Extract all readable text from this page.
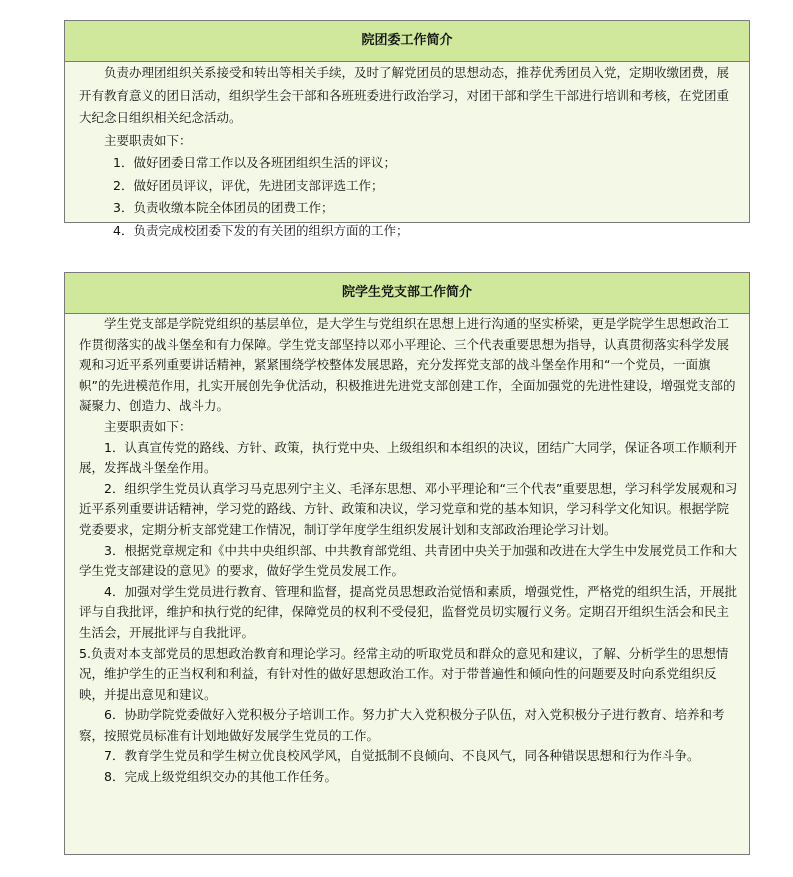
院团委工作简介

负责办理团组织关系接受和转出等相关手续，及时了解党团员的思想动态，推荐优秀团员入党，定期收缴团费，展开有教育意义的团日活动，组织学生会干部和各班班委进行政治学习，对团干部和学生干部进行培训和考核，在党团重大纪念日组织相关纪念活动。

主要职责如下：

1．做好团委日常工作以及各班团组织生活的评议；

2．做好团员评议，评优，先进团支部评选工作；

3．负责收缴本院全体团员的团费工作；

4．负责完成校团委下发的有关团的组织方面的工作；

院学生党支部工作简介

学生党支部是学院党组织的基层单位，是大学生与党组织在思想上进行沟通的坚实桥梁，更是学院学生思想政治工作贯彻落实的战斗堡垒和有力保障。学生党支部坚持以邓小平理论、三个代表重要思想为指导，认真贯彻落实科学发展观和习近平系列重要讲话精神，紧紧围绕学校整体发展思路，充分发挥党支部的战斗堡垒作用和“一个党员，一面旗帜”的先进模范作用，扎实开展创先争优活动，积极推进先进党支部创建工作，全面加强党的先进性建设，增强党支部的凝聚力、创造力、战斗力。

主要职责如下：

1．认真宣传党的路线、方针、政策，执行党中央、上级组织和本组织的决议，团结广大同学，保证各项工作顺利开展，发挥战斗堡垒作用。

2．组织学生党员认真学习马克思列宁主义、毛泽东思想、邓小平理论和“三个代表”重要思想，学习科学发展观和习近平系列重要讲话精神，学习党的路线、方针、政策和决议，学习党章和党的基本知识，学习科学文化知识。根据学院党委要求，定期分析支部党建工作情况，制订学年度学生组织发展计划和支部政治理论学习计划。

3．根据党章规定和《中共中央组织部、中共教育部党组、共青团中央关于加强和改进在大学生中发展党员工作和大学生党支部建设的意见》的要求，做好学生党员发展工作。

4．加强对学生党员进行教育、管理和监督，提高党员思想政治觉悟和素质，增强党性，严格党的组织生活，开展批评与自我批评，维护和执行党的纪律，保障党员的权利不受侵犯，监督党员切实履行义务。定期召开组织生活会和民主生活会，开展批评与自我批评。

5.负责对本支部党员的思想政治教育和理论学习。经常主动的听取党员和群众的意见和建议，了解、分析学生的思想情况，维护学生的正当权利和利益，有针对性的做好思想政治工作。对于带普遍性和倾向性的问题要及时向系党组织反映，并提出意见和建议。

6．协助学院党委做好入党积极分子培训工作。努力扩大入党积极分子队伍，对入党积极分子进行教育、培养和考察，按照党员标准有计划地做好发展学生党员的工作。

7．教育学生党员和学生树立优良校风学风，自觉抵制不良倾向、不良风气，同各种错误思想和行为作斗争。

8．完成上级党组织交办的其他工作任务。
